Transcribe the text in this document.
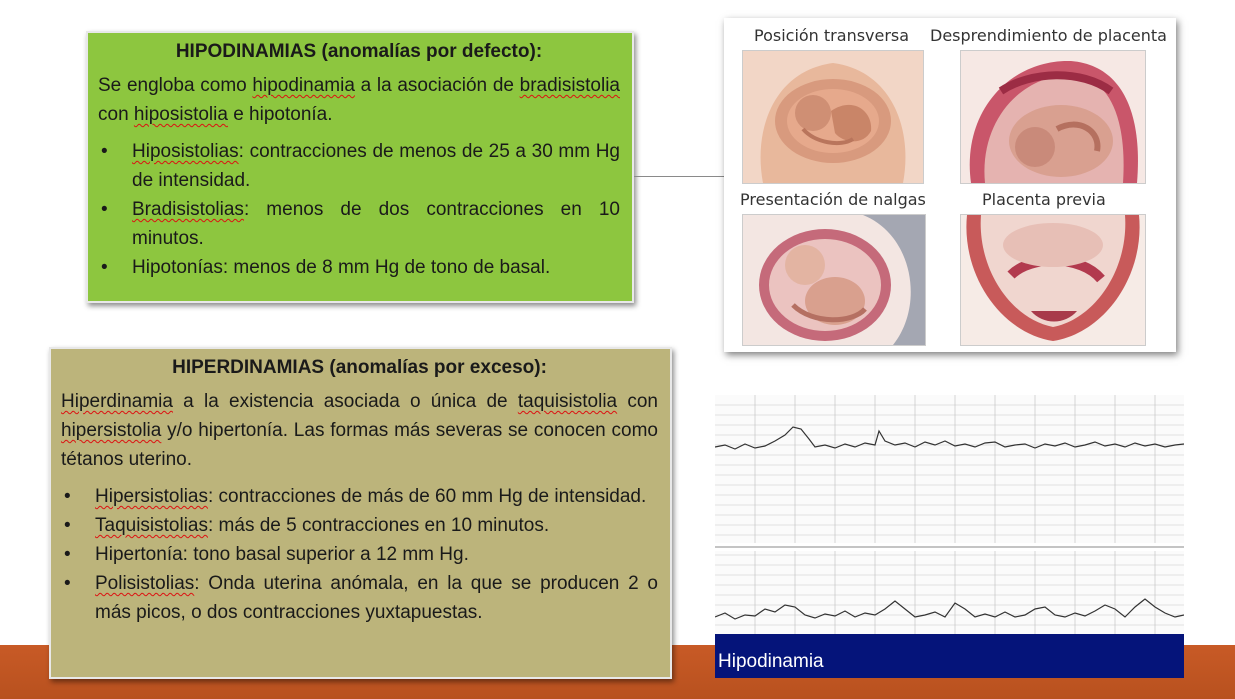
HIPODINAMIAS (anomalías por defecto):

Se engloba como hipodinamia a la asociación de bradisistolia con hiposistolia e hipotonía.

• Hiposistolias: contracciones de menos de 25 a 30 mm Hg de intensidad.
• Bradisistolias: menos de dos contracciones en 10 minutos.
• Hipotonías: menos de 8 mm Hg de tono de basal.
HIPERDINAMIAS (anomalías por exceso):

Hiperdinamia a la existencia asociada o única de taquisistolia con hipersistolia y/o hipertonía. Las formas más severas se conocen como tétanos uterino.

• Hipersistolias: contracciones de más de 60 mm Hg de intensidad.
• Taquisistolias: más de 5 contracciones en 10 minutos.
• Hipertonía: tono basal superior a 12 mm Hg.
• Polisistolias: Onda uterina anómala, en la que se producen 2 o más picos, o dos contracciones yuxtapuestas.
Posición transversa Desprendimiento de placenta
Presentación de nalgas	Placenta previa
Hipodinamia
